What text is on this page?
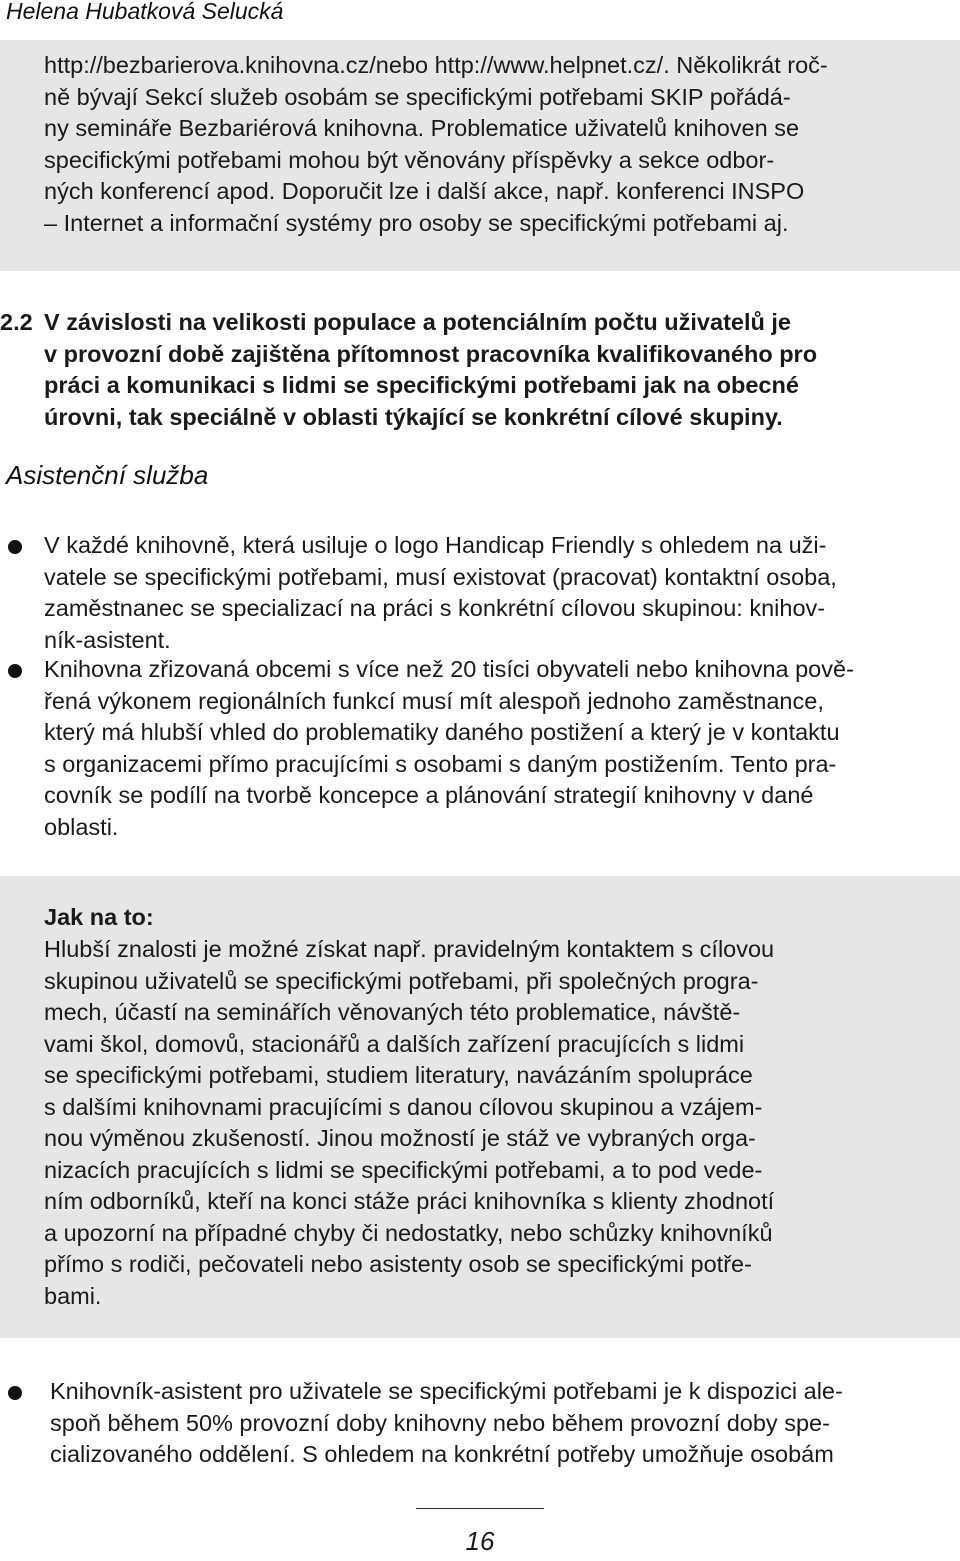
Helena Hubatková Selucká
http://bezbarierova.knihovna.cz/nebo http://www.helpnet.cz/. Několikrát roč-
ně bývají Sekcí služeb osobám se specifickými potřebami SKIP pořádá-
ny semináře Bezbariérová knihovna. Problematice uživatelů knihoven se
specifickými potřebami mohou být věnovány příspěvky a sekce odbor-
ných konferencí apod. Doporučit lze i další akce, např. konferenci INSPO
– Internet a informační systémy pro osoby se specifickými potřebami aj.
2.2 V závislosti na velikosti populace a potenciálním počtu uživatelů je
v provozní době zajištěna přítomnost pracovníka kvalifikovaného pro
práci a komunikaci s lidmi se specifickými potřebami jak na obecné
úrovni, tak speciálně v oblasti týkající se konkrétní cílové skupiny.
Asistenční služba
V každé knihovně, která usiluje o logo Handicap Friendly s ohledem na uži-
vatele se specifickými potřebami, musí existovat (pracovat) kontaktní osoba,
zaměstnanec se specializací na práci s konkrétní cílovou skupinou: knihov-
ník-asistent.
Knihovna zřizovaná obcemi s více než 20 tisíci obyvateli nebo knihovna pově-
řená výkonem regionálních funkcí musí mít alespoň jednoho zaměstnance,
který má hlubší vhled do problematiky daného postižení a který je v kontaktu
s organizacemi přímo pracujícími s osobami s daným postižením. Tento pra-
covník se podílí na tvorbě koncepce a plánování strategií knihovny v dané
oblasti.
Jak na to:
Hlubší znalosti je možné získat např. pravidelným kontaktem s cílovou
skupinou uživatelů se specifickými potřebami, při společných progra-
mech, účastí na seminářích věnovaných této problematice, návště-
vami škol, domovů, stacionářů a dalších zařízení pracujících s lidmi
se specifickými potřebami, studiem literatury, navázáním spolupráce
s dalšími knihovnami pracujícími s danou cílovou skupinou a vzájem-
nou výměnou zkušeností. Jinou možností je stáž ve vybraných orga-
nizacích pracujících s lidmi se specifickými potřebami, a to pod vede-
ním odborníků, kteří na konci stáže práci knihovníka s klienty zhodnotí
a upozorní na případné chyby či nedostatky, nebo schůzky knihovníků
přímo s rodiči, pečovateli nebo asistenty osob se specifickými potře-
bami.
Knihovník-asistent pro uživatele se specifickými potřebami je k dispozici ale-
spoň během 50% provozní doby knihovny nebo během provozní doby spe-
cializovaného oddělení. S ohledem na konkrétní potřeby umožňuje osobám
16
